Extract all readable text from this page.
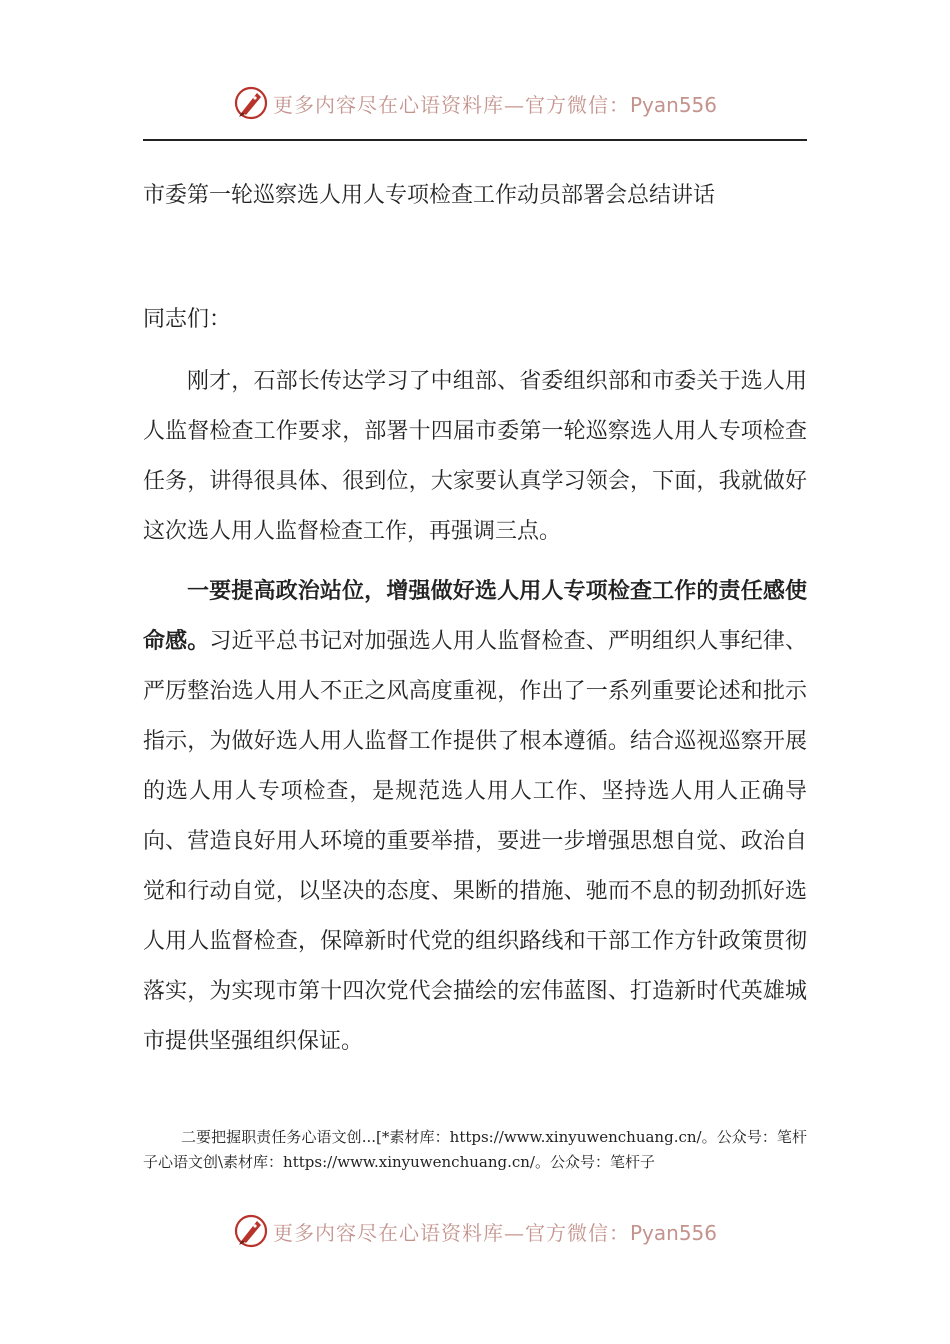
更多内容尽在心语资料库—官方微信：Pyan556
市委第一轮巡察选人用人专项检查工作动员部署会总结讲话

同志们：

刚才，石部长传达学习了中组部、省委组织部和市委关于选人用人监督检查工作要求，部署十四届市委第一轮巡察选人用人专项检查任务，讲得很具体、很到位，大家要认真学习领会，下面，我就做好这次选人用人监督检查工作，再强调三点。

一要提高政治站位，增强做好选人用人专项检查工作的责任感使命感。习近平总书记对加强选人用人监督检查、严明组织人事纪律、严厉整治选人用人不正之风高度重视，作出了一系列重要论述和批示指示，为做好选人用人监督工作提供了根本遵循。结合巡视巡察开展的选人用人专项检查，是规范选人用人工作、坚持选人用人正确导向、营造良好用人环境的重要举措，要进一步增强思想自觉、政治自觉和行动自觉，以坚决的态度、果断的措施、驰而不息的韧劲抓好选人用人监督检查，保障新时代党的组织路线和干部工作方针政策贯彻落实，为实现市第十四次党代会描绘的宏伟蓝图、打造新时代英雄城市提供坚强组织保证。

二要把握职责任务心语文创...[*素材库：https://www.xinyuwenchuang.cn/。公众号：笔杆子心语文创\素材库：https://www.xinyuwenchuang.cn/。公众号：笔杆子

更多内容尽在心语资料库—官方微信：Pyan556
